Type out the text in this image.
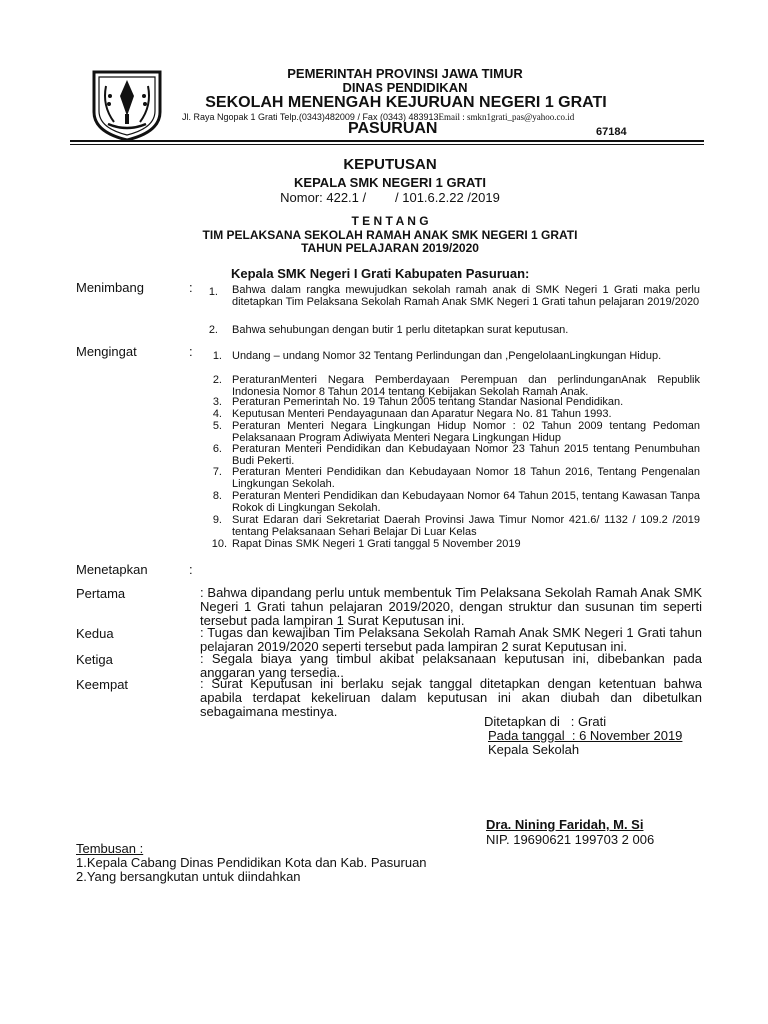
PEMERINTAH PROVINSI JAWA TIMUR
DINAS PENDIDIKAN
SEKOLAH MENENGAH KEJURUAN NEGERI 1 GRATI
Jl. Raya Ngopak 1 Grati Telp.(0343)482009 / Fax (0343) 483913Email : smkn1grati_pas@yahoo.co.id
PASURUAN	67184
KEPUTUSAN
KEPALA SMK NEGERI 1 GRATI
Nomor: 422.1 /        / 101.6.2.22 /2019
T E N T A N G
TIM PELAKSANA SEKOLAH RAMAH ANAK SMK NEGERI 1 GRATI
TAHUN PELAJARAN 2019/2020
Kepala SMK Negeri I Grati Kabupaten Pasuruan:
Menimbang	:	1. Bahwa dalam rangka mewujudkan sekolah ramah anak di SMK Negeri 1 Grati maka perlu ditetapkan Tim Pelaksana Sekolah Ramah Anak SMK Negeri 1 Grati tahun pelajaran 2019/2020
2. Bahwa sehubungan dengan butir 1 perlu ditetapkan surat keputusan.
Mengingat	:	1. Undang – undang Nomor 32 Tentang Perlindungan dan ,PengelolaanLingkungan Hidup.
2. PeraturanMenteri Negara Pemberdayaan Perempuan dan perlindunganAnak Republik Indonesia Nomor 8 Tahun 2014 tentang Kebijakan Sekolah Ramah Anak.
3. Peraturan Pemerintah No. 19 Tahun 2005 tentang Standar Nasional Pendidikan.
4. Keputusan Menteri Pendayagunaan dan Aparatur Negara No. 81 Tahun 1993.
5. Peraturan Menteri Negara Lingkungan Hidup Nomor : 02 Tahun 2009 tentang Pedoman Pelaksanaan Program Adiwiyata Menteri Negara Lingkungan Hidup
6. Peraturan Menteri Pendidikan dan Kebudayaan Nomor 23 Tahun 2015 tentang Penumbuhan Budi Pekerti.
7. Peraturan Menteri Pendidikan dan Kebudayaan Nomor 18 Tahun 2016, Tentang Pengenalan Lingkungan Sekolah.
8. Peraturan Menteri Pendidikan dan Kebudayaan Nomor 64 Tahun 2015, tentang Kawasan Tanpa Rokok di Lingkungan Sekolah.
9. Surat Edaran dari Sekretariat Daerah Provinsi Jawa Timur Nomor 421.6/ 1132 / 109.2 /2019 tentang Pelaksanaan Sehari Belajar Di Luar Kelas
10. Rapat Dinas SMK Negeri 1 Grati tanggal 5 November 2019
Menetapkan	:
Pertama	: Bahwa dipandang perlu untuk membentuk Tim Pelaksana Sekolah Ramah Anak SMK Negeri 1 Grati tahun pelajaran 2019/2020, dengan struktur dan susunan tim seperti tersebut pada lampiran 1 Surat Keputusan ini.
Kedua	: Tugas dan kewajiban Tim Pelaksana Sekolah Ramah Anak SMK Negeri 1 Grati tahun pelajaran 2019/2020 seperti tersebut pada lampiran 2 surat Keputusan ini.
Ketiga	: Segala biaya yang timbul akibat pelaksanaan keputusan ini, dibebankan pada anggaran yang tersedia..
Keempat	: Surat Keputusan ini berlaku sejak tanggal ditetapkan dengan ketentuan bahwa apabila terdapat kekeliruan dalam keputusan ini akan diubah dan dibetulkan sebagaimana mestinya.
Ditetapkan di   : Grati
Pada tanggal  : 6 November 2019
Kepala Sekolah
Dra. Nining Faridah, M. Si
NIP. 19690621 199703 2 006
Tembusan :
1.Kepala Cabang Dinas Pendidikan Kota dan Kab. Pasuruan
2.Yang bersangkutan untuk diindahkan
